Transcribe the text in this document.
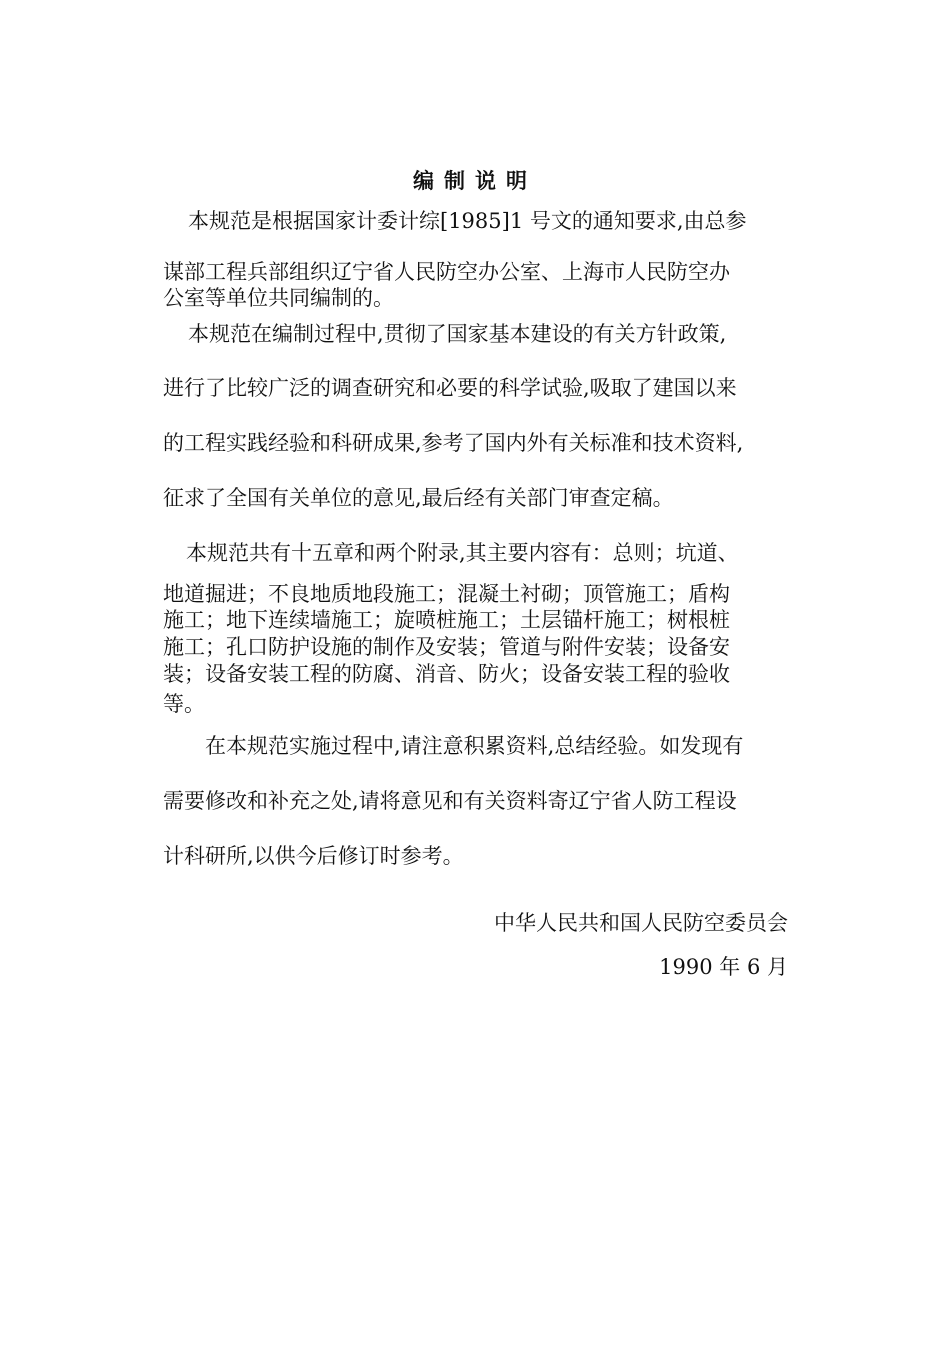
编制说明
本规范是根据国家计委计综[1985]1 号文的通知要求,由总参
谋部工程兵部组织辽宁省人民防空办公室、上海市人民防空办
公室等单位共同编制的。
本规范在编制过程中,贯彻了国家基本建设的有关方针政策,
进行了比较广泛的调查研究和必要的科学试验,吸取了建国以来
的工程实践经验和科研成果,参考了国内外有关标准和技术资料,
征求了全国有关单位的意见,最后经有关部门审查定稿。
本规范共有十五章和两个附录,其主要内容有：总则；坑道、
地道掘进；不良地质地段施工；混凝土衬砌；顶管施工；盾构
施工；地下连续墙施工；旋喷桩施工；土层锚杆施工；树根桩
施工；孔口防护设施的制作及安装；管道与附件安装；设备安
装；设备安装工程的防腐、消音、防火；设备安装工程的验收
等。
在本规范实施过程中,请注意积累资料,总结经验。如发现有
需要修改和补充之处,请将意见和有关资料寄辽宁省人防工程设
计科研所,以供今后修订时参考。
中华人民共和国人民防空委员会
1990 年 6 月
